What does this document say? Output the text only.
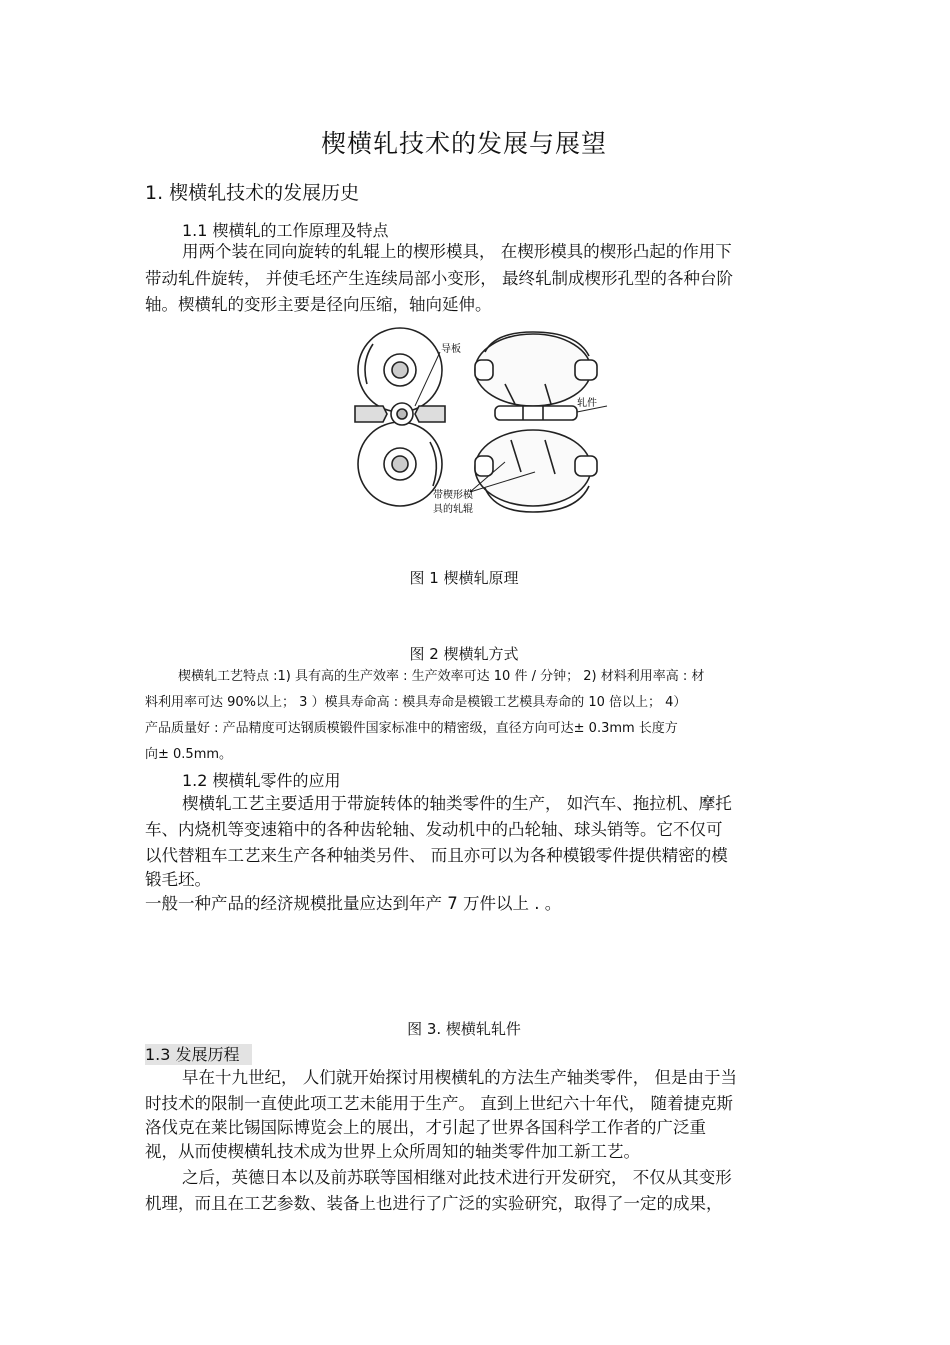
楔横轧技术的发展与展望
1. 楔横轧技术的发展历史
1.1 楔横轧的工作原理及特点
用两个装在同向旋转的轧辊上的楔形模具， 在楔形模具的楔形凸起的作用下
带动轧件旋转， 并使毛坯产生连续局部小变形， 最终轧制成楔形孔型的各种台阶
轴。楔横轧的变形主要是径向压缩，轴向延伸。
导板
轧件
带楔形模
具的轧辊
图 1 楔横轧原理
图 2 楔横轧方式
楔横轧工艺特点 :1) 具有高的生产效率 : 生产效率可达 10 件 / 分钟； 2) 材料利用率高 : 材
料利用率可达 90%以上； 3 ）模具寿命高 : 模具寿命是模锻工艺模具寿命的 10 倍以上； 4）
产品质量好 : 产品精度可达钢质模锻件国家标准中的精密级，直径方向可达± 0.3mm 长度方
向± 0.5mm。
1.2 楔横轧零件的应用
楔横轧工艺主要适用于带旋转体的轴类零件的生产， 如汽车、拖拉机、摩托
车、内烧机等变速箱中的各种齿轮轴、发动机中的凸轮轴、球头销等。它不仅可
以代替粗车工艺来生产各种轴类另件、 而且亦可以为各种模锻零件提供精密的模
锻毛坯。
一般一种产品的经济规模批量应达到年产 7 万件以上 . 。
图 3. 楔横轧轧件
1.3 发展历程
早在十九世纪， 人们就开始探讨用楔横轧的方法生产轴类零件， 但是由于当
时技术的限制一直使此项工艺未能用于生产。 直到上世纪六十年代， 随着捷克斯
洛伐克在莱比锡国际博览会上的展出，才引起了世界各国科学工作者的广泛重
视，从而使楔横轧技术成为世界上众所周知的轴类零件加工新工艺。
之后，英德日本以及前苏联等国相继对此技术进行开发研究， 不仅从其变形
机理，而且在工艺参数、装备上也进行了广泛的实验研究，取得了一定的成果，
